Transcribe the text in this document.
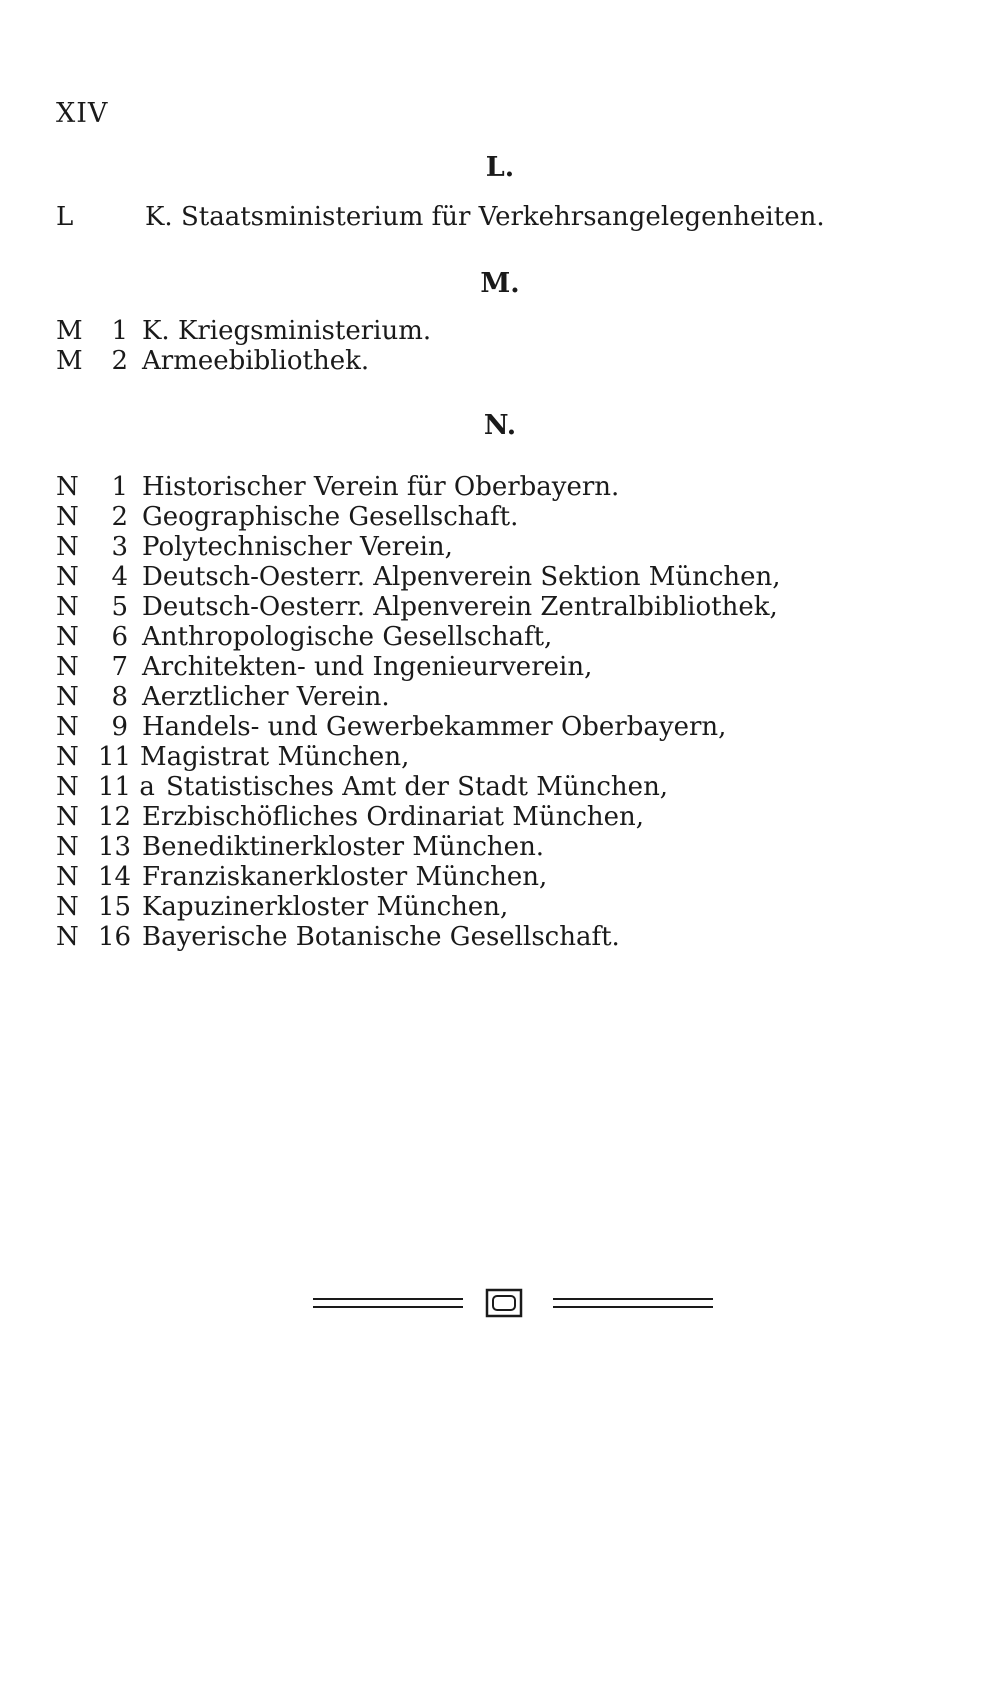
XIV
L.
L	K. Staatsministerium für Verkehrsangelegenheiten.
M.
M	1 K. Kriegsministerium.
M	2 Armeebibliothek.
N.
N	1 Historischer Verein für Oberbayern.
N	2 Geographische Gesellschaft.
N	3 Polytechnischer Verein,
N	4 Deutsch-Oesterr. Alpenverein Sektion München,
N	5 Deutsch-Oesterr. Alpenverein Zentralbibliothek,
N	6 Anthropologische Gesellschaft,
N	7 Architekten- und Ingenieurverein,
N	8 Aerztlicher Verein.
N	9 Handels- und Gewerbekammer Oberbayern,
N 11 Magistrat München,
N 11 a Statistisches Amt der Stadt München,
N 12 Erzbischöfliches Ordinariat München,
N 13 Benediktinerkloster München.
N 14 Franziskanerkloster München,
N 15 Kapuzinerkloster München,
N 16 Bayerische Botanische Gesellschaft.
